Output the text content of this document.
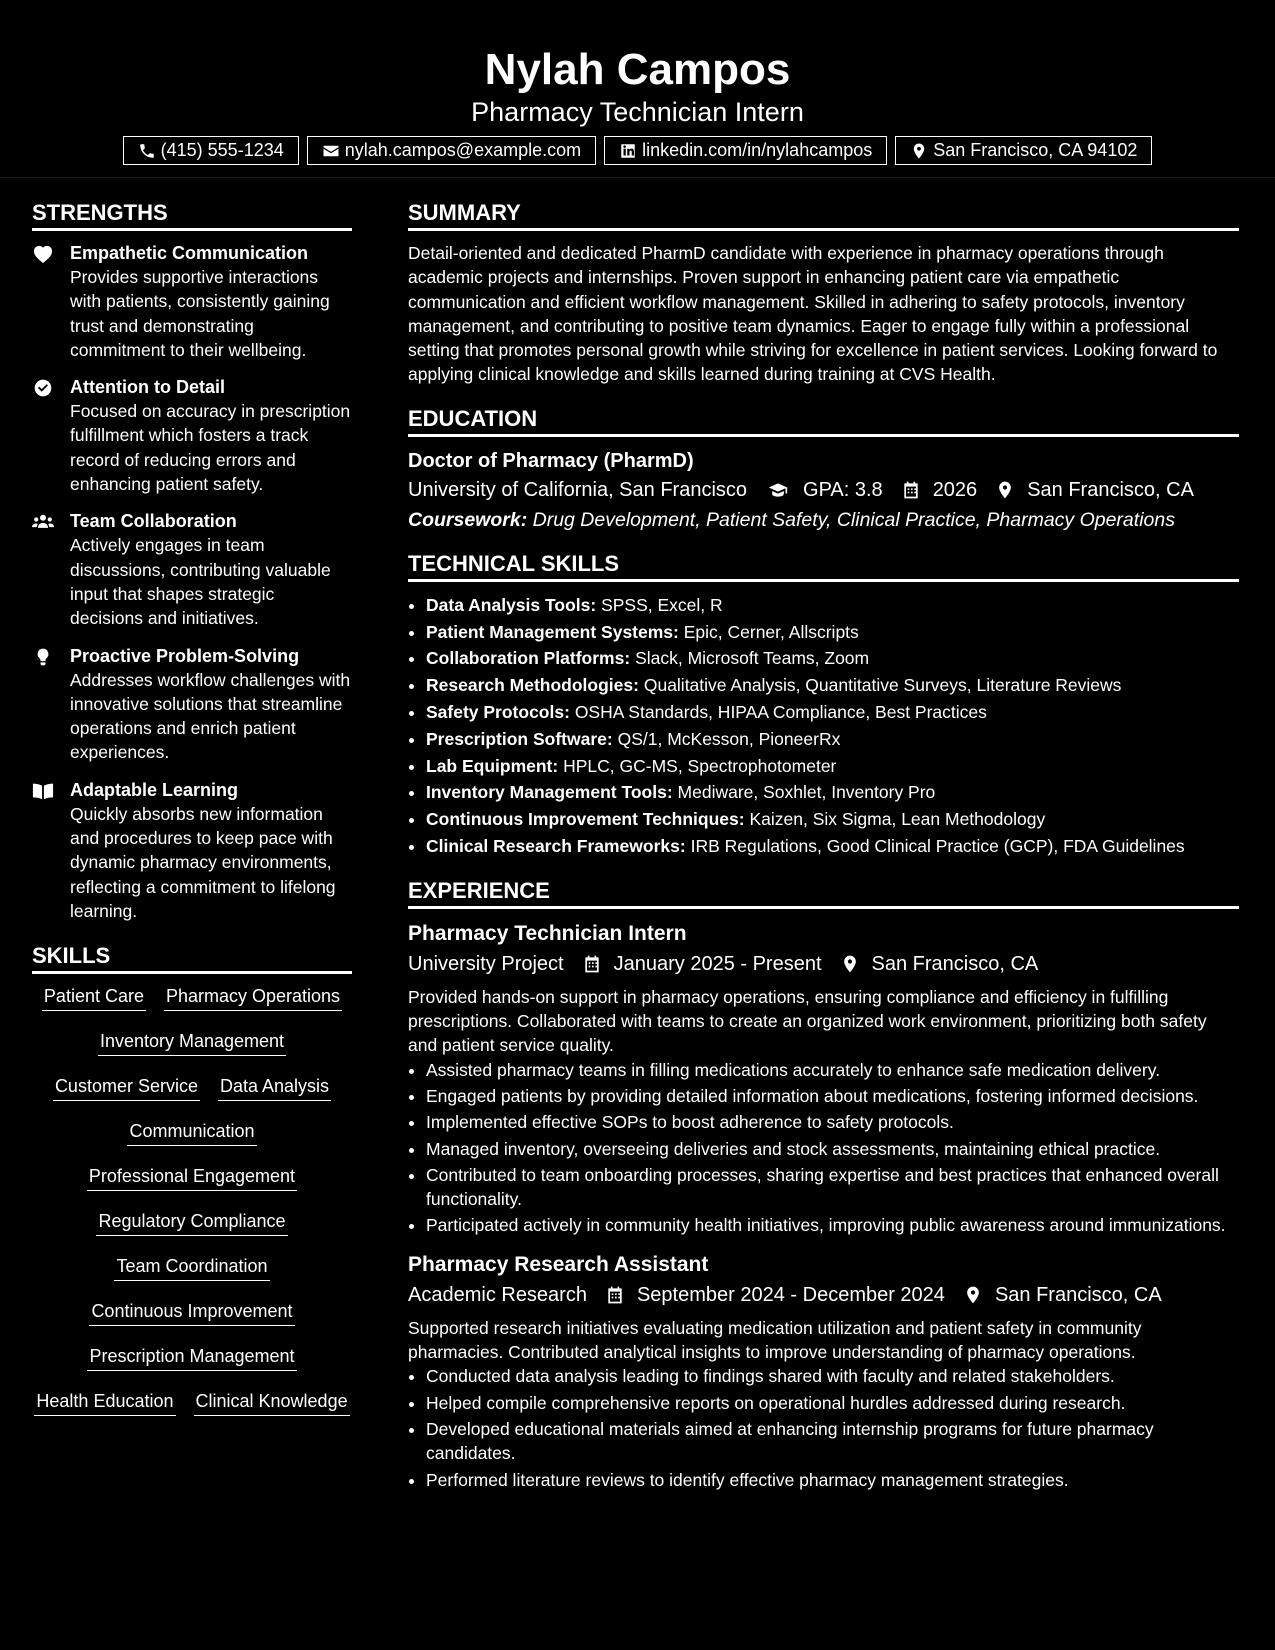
Nylah Campos
Pharmacy Technician Intern
(415) 555-1234	nylah.campos@example.com	linkedin.com/in/nylahcampos	San Francisco, CA 94102
STRENGTHS
Empathetic Communication
Provides supportive interactions with patients, consistently gaining trust and demonstrating commitment to their wellbeing.
Attention to Detail
Focused on accuracy in prescription fulfillment which fosters a track record of reducing errors and enhancing patient safety.
Team Collaboration
Actively engages in team discussions, contributing valuable input that shapes strategic decisions and initiatives.
Proactive Problem-Solving
Addresses workflow challenges with innovative solutions that streamline operations and enrich patient experiences.
Adaptable Learning
Quickly absorbs new information and procedures to keep pace with dynamic pharmacy environments, reflecting a commitment to lifelong learning.
SKILLS
Patient Care Pharmacy Operations
Inventory Management
Customer Service Data Analysis
Communication
Professional Engagement
Regulatory Compliance
Team Coordination
Continuous Improvement
Prescription Management
Health Education Clinical Knowledge
SUMMARY

Detail-oriented and dedicated PharmD candidate with experience in pharmacy operations through academic projects and internships. Proven support in enhancing patient care via empathetic communication and efficient workflow management. Skilled in adhering to safety protocols, inventory management, and contributing to positive team dynamics. Eager to engage fully within a professional setting that promotes personal growth while striving for excellence in patient services. Looking forward to applying clinical knowledge and skills learned during training at CVS Health.

EDUCATION
Doctor of Pharmacy (PharmD)
University of California, San Francisco	GPA: 3.8	2026	San Francisco, CA
Coursework: Drug Development, Patient Safety, Clinical Practice, Pharmacy Operations
TECHNICAL SKILLS
• Data Analysis Tools: SPSS, Excel, R
• Patient Management Systems: Epic, Cerner, Allscripts
• Collaboration Platforms: Slack, Microsoft Teams, Zoom
• Research Methodologies: Qualitative Analysis, Quantitative Surveys, Literature Reviews
• Safety Protocols: OSHA Standards, HIPAA Compliance, Best Practices
• Prescription Software: QS/1, McKesson, PioneerRx
• Lab Equipment: HPLC, GC-MS, Spectrophotometer
• Inventory Management Tools: Mediware, Soxhlet, Inventory Pro
• Continuous Improvement Techniques: Kaizen, Six Sigma, Lean Methodology
• Clinical Research Frameworks: IRB Regulations, Good Clinical Practice (GCP), FDA Guidelines
EXPERIENCE
Pharmacy Technician Intern
University Project	January 2025 - Present	San Francisco, CA
Provided hands-on support in pharmacy operations, ensuring compliance and efficiency in fulfilling prescriptions. Collaborated with teams to create an organized work environment, prioritizing both safety and patient service quality.
• Assisted pharmacy teams in filling medications accurately to enhance safe medication delivery.
• Engaged patients by providing detailed information about medications, fostering informed decisions.
• Implemented effective SOPs to boost adherence to safety protocols.
• Managed inventory, overseeing deliveries and stock assessments, maintaining ethical practice.
• Contributed to team onboarding processes, sharing expertise and best practices that enhanced overall functionality.
• Participated actively in community health initiatives, improving public awareness around immunizations.
Pharmacy Research Assistant
Academic Research	September 2024 - December 2024	San Francisco, CA
Supported research initiatives evaluating medication utilization and patient safety in community pharmacies. Contributed analytical insights to improve understanding of pharmacy operations.
• Conducted data analysis leading to findings shared with faculty and related stakeholders.
• Helped compile comprehensive reports on operational hurdles addressed during research.
• Developed educational materials aimed at enhancing internship programs for future pharmacy candidates.
• Performed literature reviews to identify effective pharmacy management strategies.
